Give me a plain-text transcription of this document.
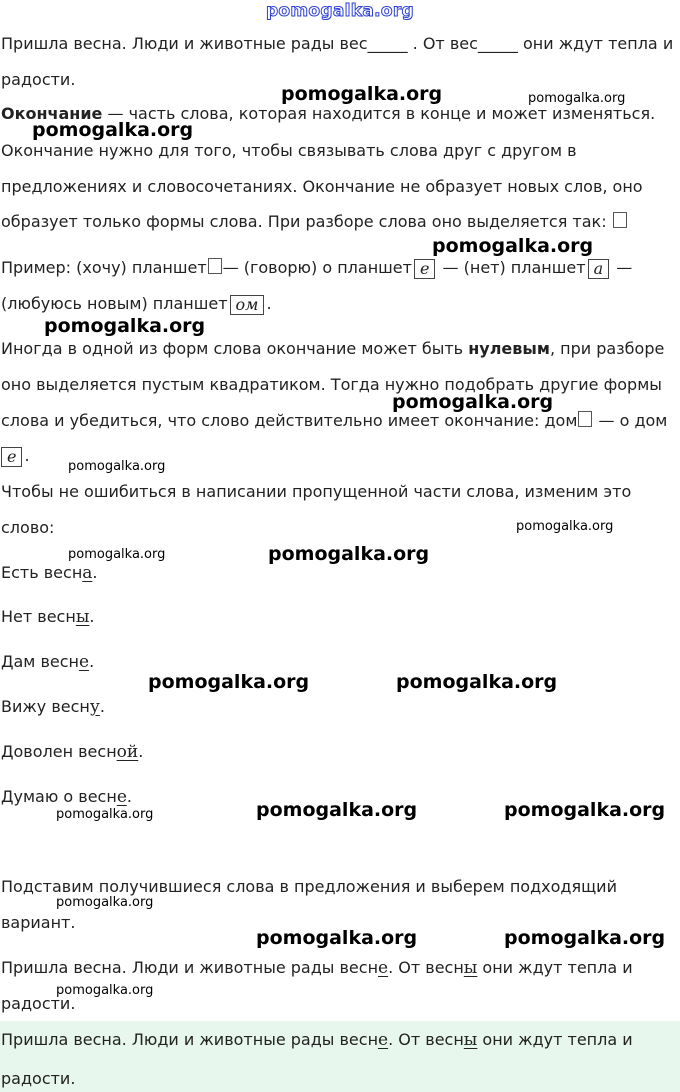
pomogalka.org
Пришла весна. Люди и животные рады вес_____ . От вес_____ они ждут тепла и
радости.
Окончание — часть слова, которая находится в конце и может изменяться.
Окончание нужно для того, чтобы связывать слова друг с другом в
предложениях и словосочетаниях. Окончание не образует новых слов, оно
образует только формы слова. При разборе слова оно выделяется так:
Пример: (хочу) планшет — (говорю) о планшет е — (нет) планшет а —
(любуюсь новым) планшет ом .
Иногда в одной из форм слова окончание может быть нулевым, при разборе
оно выделяется пустым квадратиком. Тогда нужно подобрать другие формы
слова и убедиться, что слово действительно имеет окончание: дом — о дом
е .
Чтобы не ошибиться в написании пропущенной части слова, изменим это
слово:
Есть весна.
Нет весны.
Дам весне.
Вижу весну.
Доволен весной.
Думаю о весне.
Подставим получившиеся слова в предложения и выберем подходящий
вариант.
Пришла весна. Люди и животные рады весне. От весны они ждут тепла и
радости.
Пришла весна. Люди и животные рады весне. От весны они ждут тепла и
радости.
pomogalka.org	pomogalka.org
pomogalka.org
pomogalka.org
pomogalka.org
pomogalka.org
pomogalka.org
pomogalka.org
pomogalka.org	pomogalka.org
pomogalka.org	pomogalka.org
pomogalka.org	pomogalka.org	pomogalka.org
pomogalka.org
pomogalka.org	pomogalka.org
pomogalka.org
